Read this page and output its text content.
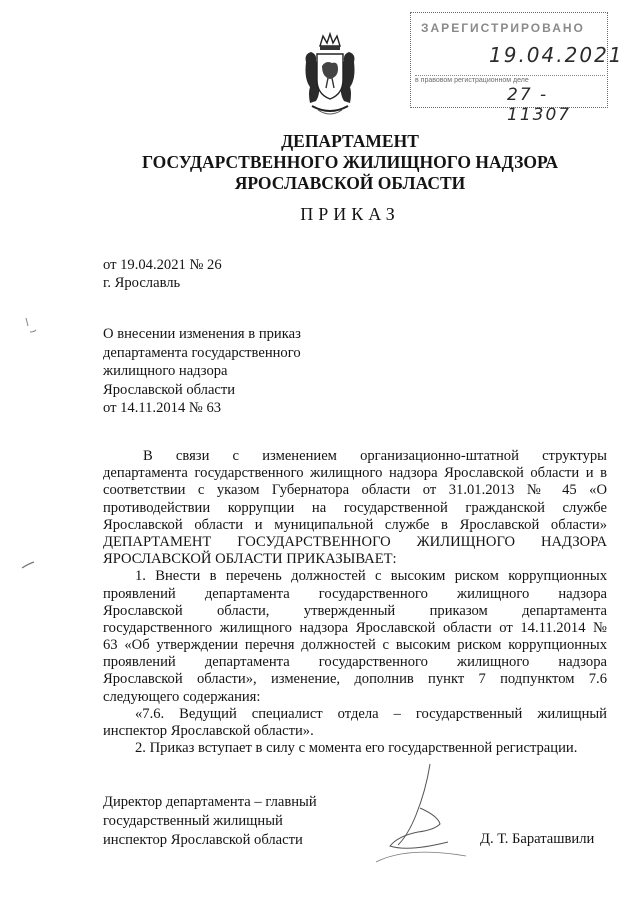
ЗАРЕГИСТРИРОВАНО
19.04.2021
в правовом регистрационном деле
27 - 11307
ДЕПАРТАМЕНТ
ГОСУДАРСТВЕННОГО ЖИЛИЩНОГО НАДЗОРА
ЯРОСЛАВСКОЙ ОБЛАСТИ
ПРИКАЗ
от 19.04.2021 № 26
г. Ярославль
О внесении изменения в приказ
департамента государственного
жилищного надзора
Ярославской области
от 14.11.2014 № 63
В связи с изменением организационно-штатной структуры
департамента государственного жилищного надзора Ярославской области и в
соответствии с указом Губернатора области от 31.01.2013 № 45 «О
противодействии коррупции на государственной гражданской службе
Ярославской области и муниципальной службе в Ярославской области»
ДЕПАРТАМЕНТ ГОСУДАРСТВЕННОГО ЖИЛИЩНОГО НАДЗОРА
ЯРОСЛАВСКОЙ ОБЛАСТИ ПРИКАЗЫВАЕТ:
1. Внести в перечень должностей с высоким риском коррупционных
проявлений департамента государственного жилищного надзора
Ярославской области, утвержденный приказом департамента
государственного жилищного надзора Ярославской области от 14.11.2014 №
63 «Об утверждении перечня должностей с высоким риском коррупционных
проявлений департамента государственного жилищного надзора
Ярославской области», изменение, дополнив пункт 7 подпунктом 7.6
следующего содержания:
«7.6. Ведущий специалист отдела – государственный жилищный
инспектор Ярославской области».
2. Приказ вступает в силу с момента его государственной регистрации.
Директор департамента – главный
государственный жилищный
инспектор Ярославской области	Д. Т. Бараташвили
